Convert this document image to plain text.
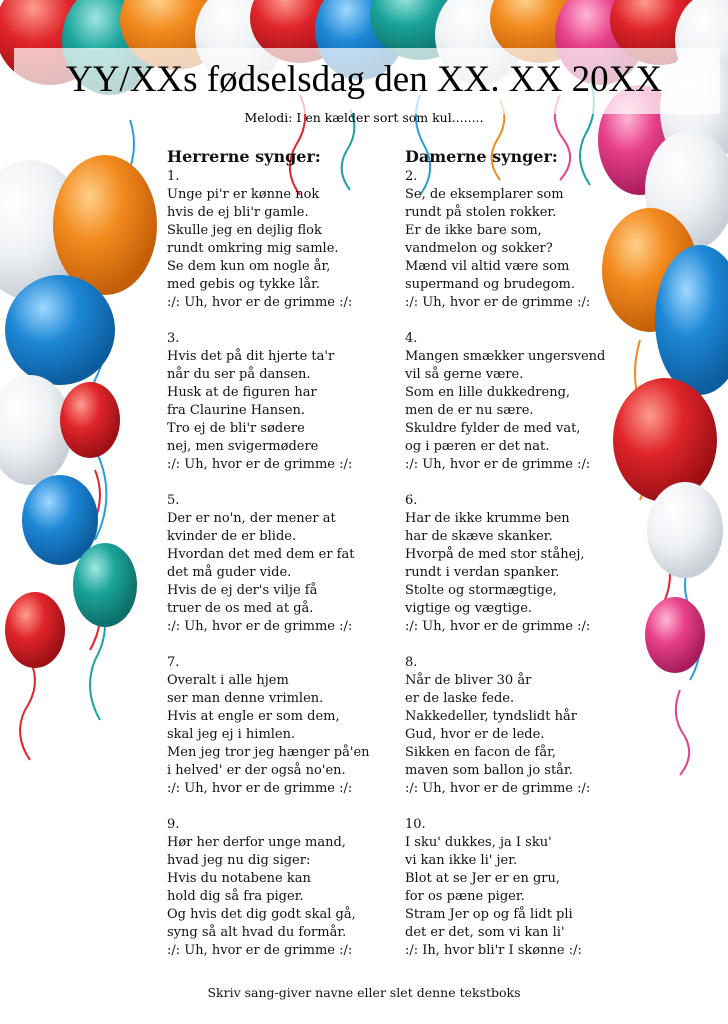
YY/XXs fødselsdag den XX. XX 20XX
Melodi: I en kælder sort som kul........
Herrerne synger:
1.
Unge pi'r er kønne nok
hvis de ej bli'r gamle.
Skulle jeg en dejlig flok
rundt omkring mig samle.
Se dem kun om nogle år,
med gebis og tykke lår.
:/: Uh, hvor er de grimme :/:
3.
Hvis det på dit hjerte ta'r
når du ser på dansen.
Husk at de figuren har
fra Claurine Hansen.
Tro ej de bli'r sødere
nej, men svigermødere
:/: Uh, hvor er de grimme :/:
5.
Der er no'n, der mener at
kvinder de er blide.
Hvordan det med dem er fat
det må guder vide.
Hvis de ej der's vilje få
truer de os med at gå.
:/: Uh, hvor er de grimme :/:
7.
Overalt i alle hjem
ser man denne vrimlen.
Hvis at engle er som dem,
skal jeg ej i himlen.
Men jeg tror jeg hænger på'en
i helved' er der også no'en.
:/: Uh, hvor er de grimme :/:
9.
Hør her derfor unge mand,
hvad jeg nu dig siger:
Hvis du notabene kan
hold dig så fra piger.
Og hvis det dig godt skal gå,
syng så alt hvad du formår.
:/: Uh, hvor er de grimme :/:
Damerne synger:
2.
Se, de eksemplarer som
rundt på stolen rokker.
Er de ikke bare som,
vandmelon og sokker?
Mænd vil altid være som
supermand og brudegom.
:/: Uh, hvor er de grimme :/:
4.
Mangen smækker ungersvend
vil så gerne være.
Som en lille dukkedreng,
men de er nu sære.
Skuldre fylder de med vat,
og i pæren er det nat.
:/: Uh, hvor er de grimme :/:
6.
Har de ikke krumme ben
har de skæve skanker.
Hvorpå de med stor ståhej,
rundt i verdan spanker.
Stolte og stormægtige,
vigtige og vægtige.
:/: Uh, hvor er de grimme :/:
8.
Når de bliver 30 år
er de laske fede.
Nakkedeller, tyndslidt hår
Gud, hvor er de lede.
Sikken en facon de får,
maven som ballon jo står.
:/: Uh, hvor er de grimme :/:
10.
I sku' dukkes, ja I sku'
vi kan ikke li' jer.
Blot at se Jer er en gru,
for os pæne piger.
Stram Jer op og få lidt pli
det er det, som vi kan li'
:/: Ih, hvor bli'r I skønne :/:
Skriv sang-giver navne eller slet denne tekstboks
